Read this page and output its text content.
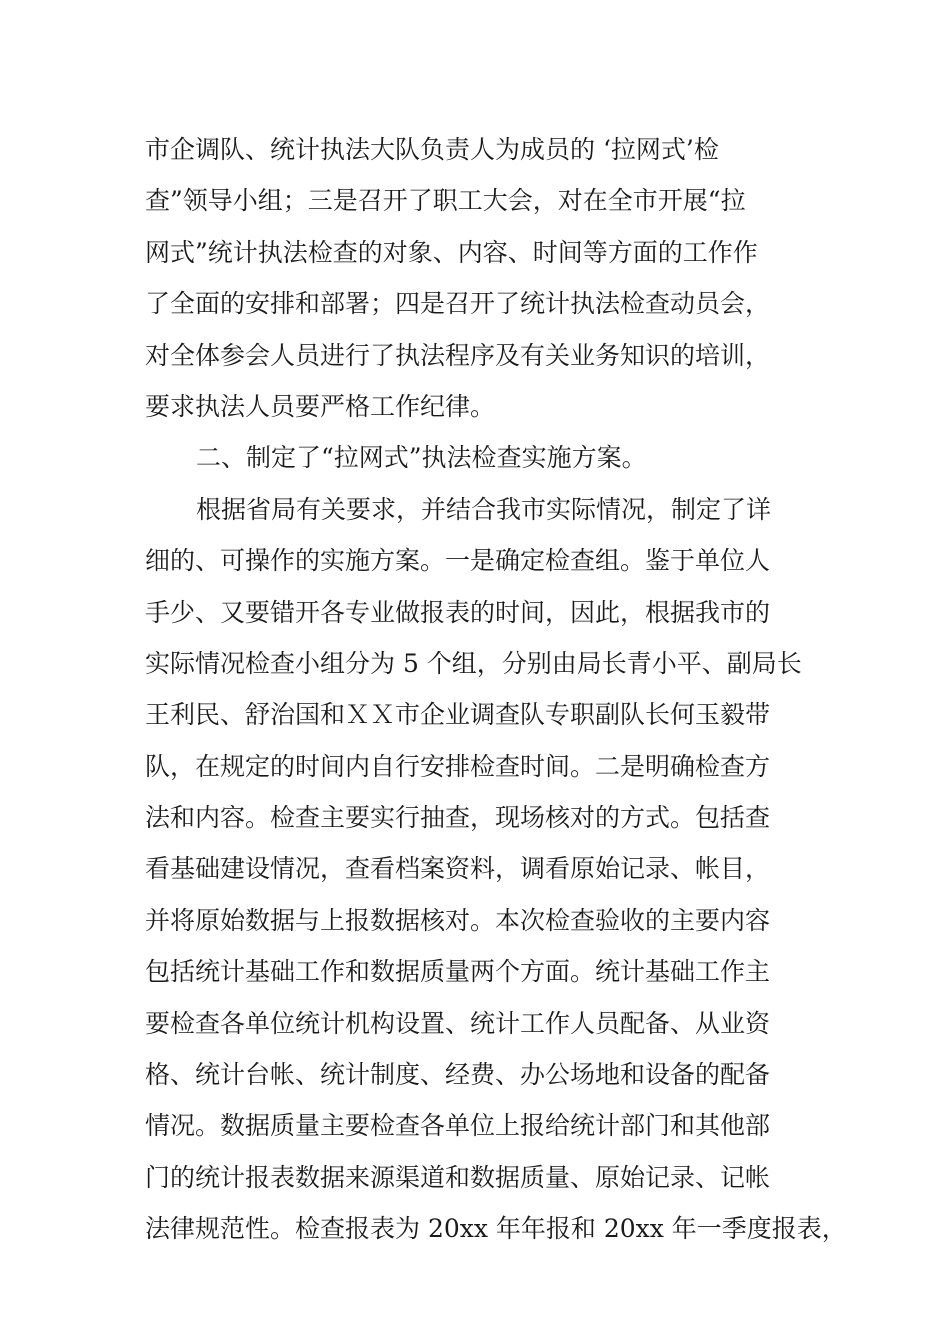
市企调队、统计执法大队负责人为成员的 ‘拉网式’检
查”领导小组；三是召开了职工大会，对在全市开展“拉
网式”统计执法检查的对象、内容、时间等方面的工作作
了全面的安排和部署；四是召开了统计执法检查动员会，
对全体参会人员进行了执法程序及有关业务知识的培训，
要求执法人员要严格工作纪律。
二、制定了“拉网式”执法检查实施方案。
根据省局有关要求，并结合我市实际情况，制定了详
细的、可操作的实施方案。一是确定检查组。鉴于单位人
手少、又要错开各专业做报表的时间，因此，根据我市的
实际情况检查小组分为 5 个组，分别由局长青小平、副局长
王利民、舒治国和ＸＸ市企业调查队专职副队长何玉毅带
队，在规定的时间内自行安排检查时间。二是明确检查方
法和内容。检查主要实行抽查，现场核对的方式。包括查
看基础建设情况，查看档案资料，调看原始记录、帐目，
并将原始数据与上报数据核对。本次检查验收的主要内容
包括统计基础工作和数据质量两个方面。统计基础工作主
要检查各单位统计机构设置、统计工作人员配备、从业资
格、统计台帐、统计制度、经费、办公场地和设备的配备
情况。数据质量主要检查各单位上报给统计部门和其他部
门的统计报表数据来源渠道和数据质量、原始记录、记帐
法律规范性。检查报表为 20xx 年年报和 20xx 年一季度报表，
